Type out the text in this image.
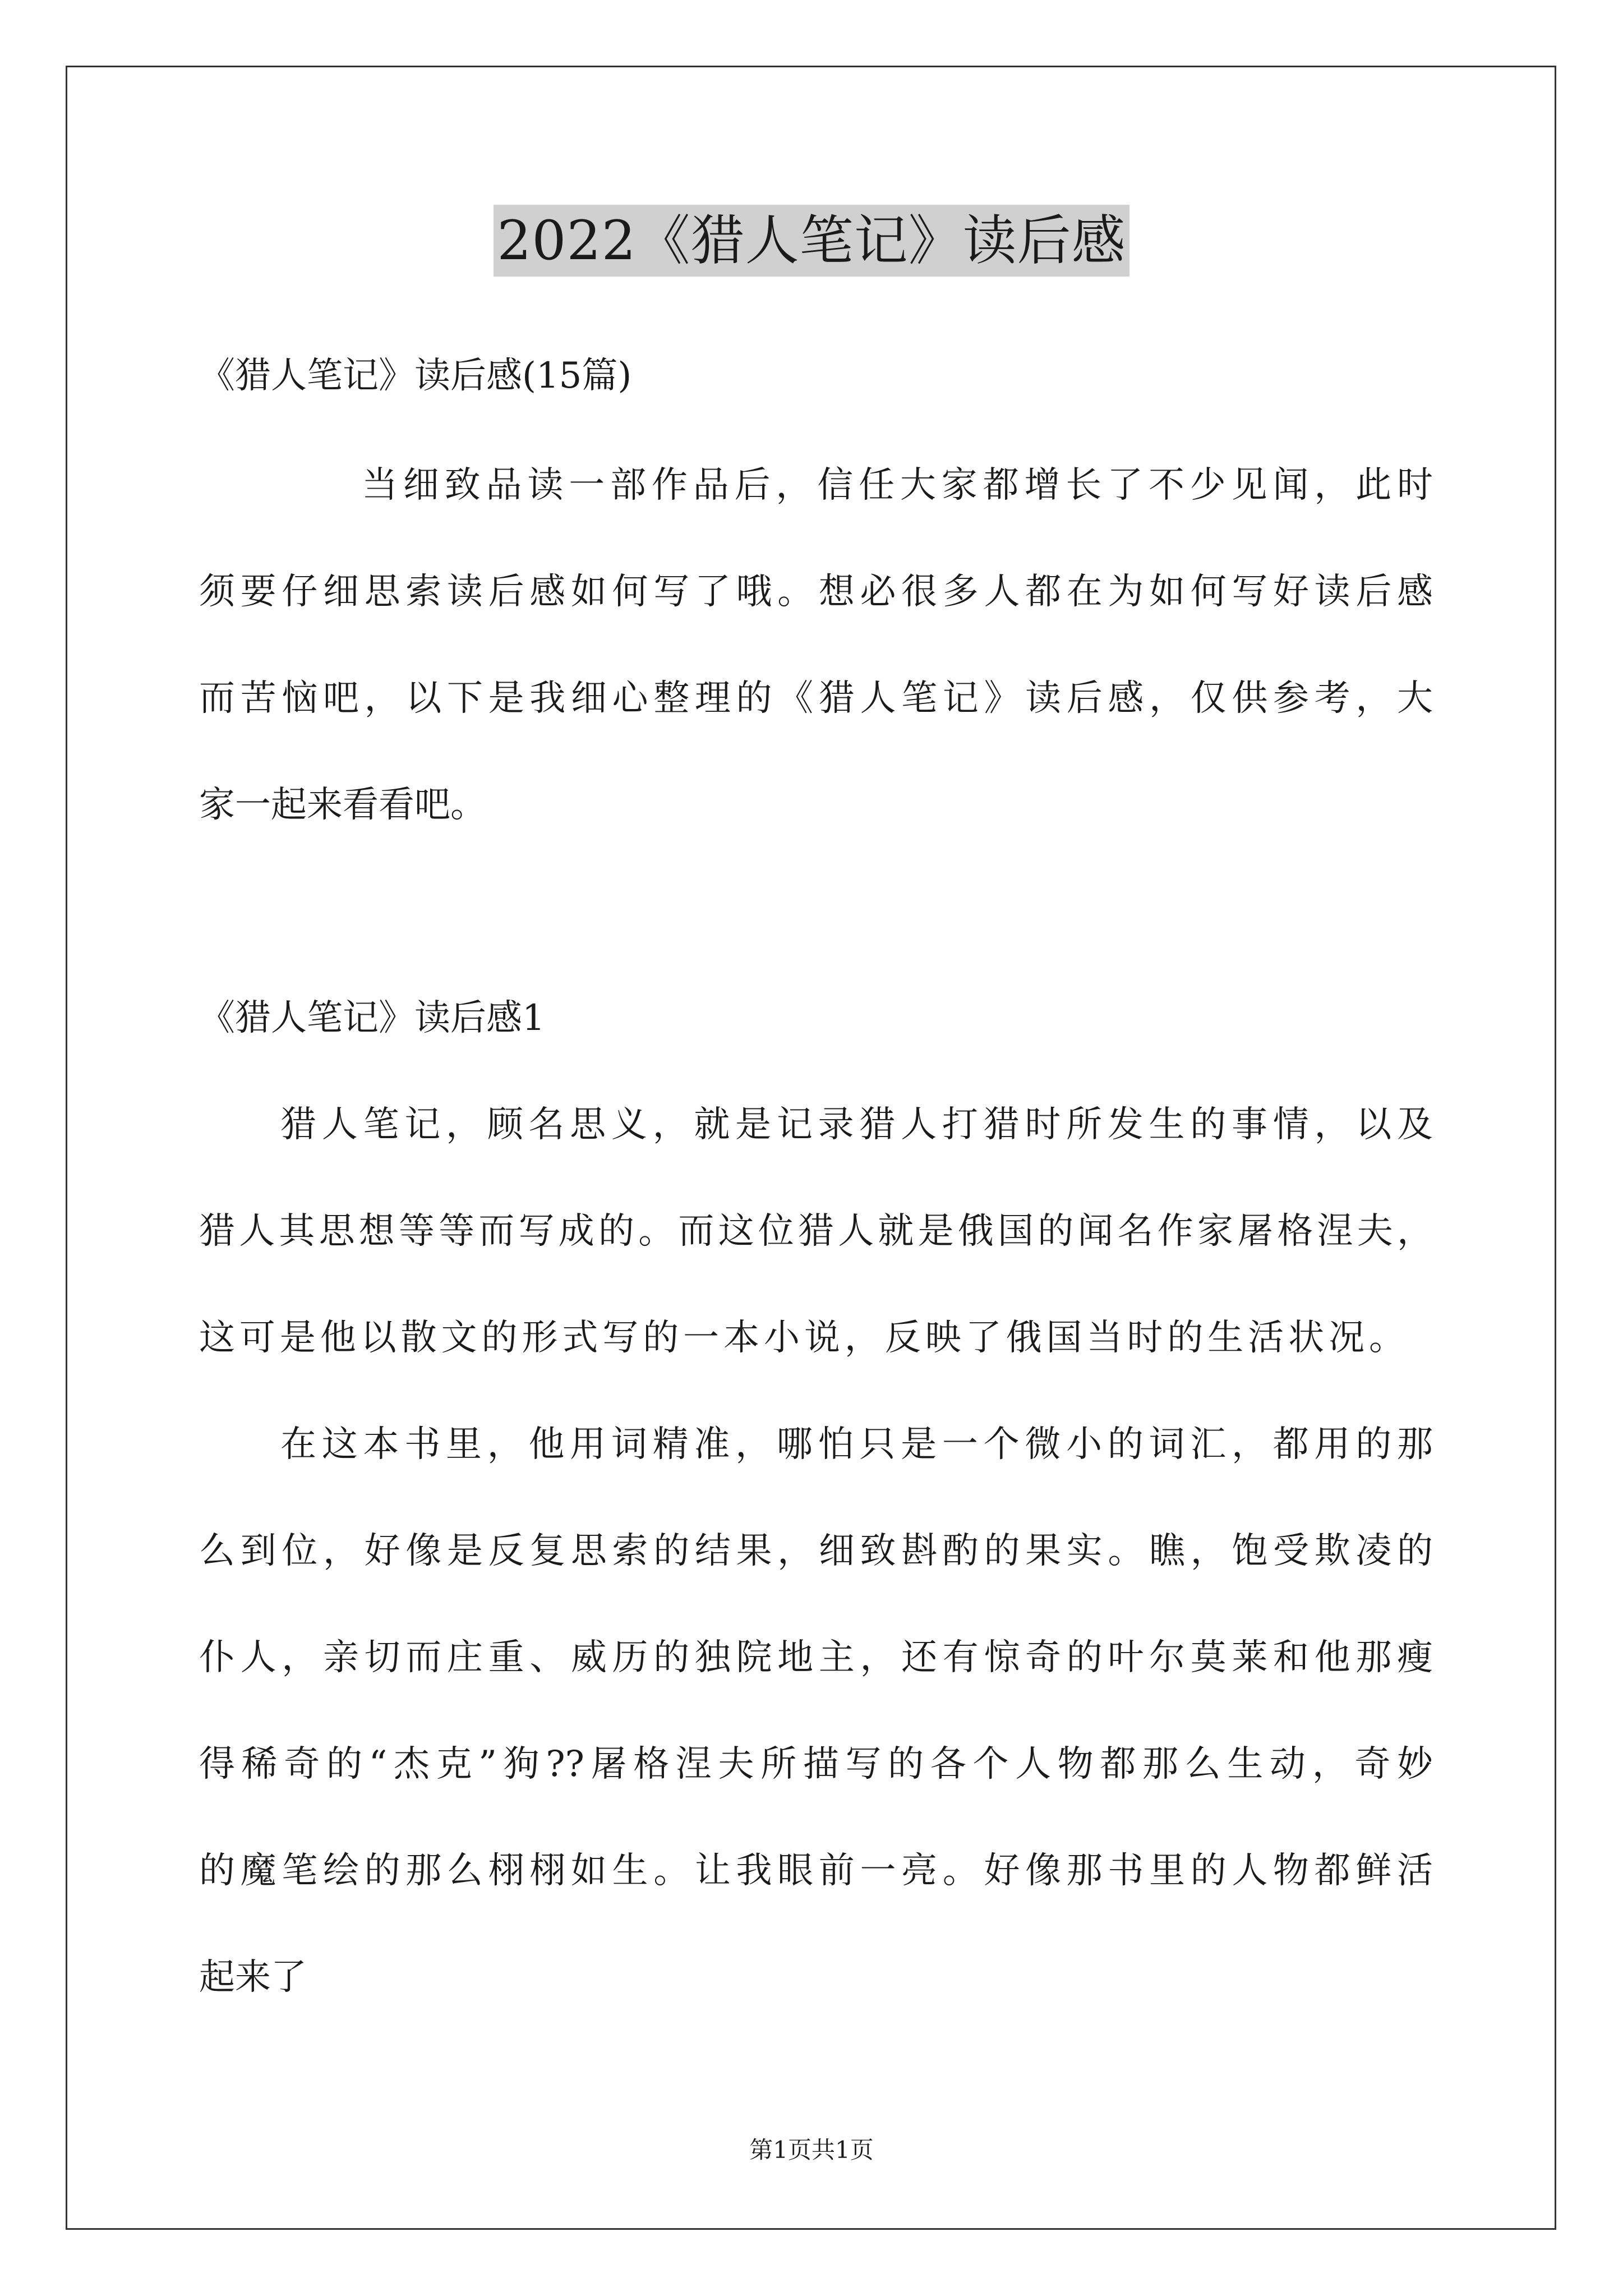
2022《猎人笔记》读后感
《猎人笔记》读后感(15篇)
当细致品读一部作品后，信任大家都增长了不少见闻，此时
须要仔细思索读后感如何写了哦。想必很多人都在为如何写好读后感
而苦恼吧，以下是我细心整理的《猎人笔记》读后感，仅供参考，大
家一起来看看吧。
《猎人笔记》读后感1
猎人笔记，顾名思义，就是记录猎人打猎时所发生的事情，以及
猎人其思想等等而写成的。而这位猎人就是俄国的闻名作家屠格涅夫，
这可是他以散文的形式写的一本小说，反映了俄国当时的生活状况。
在这本书里，他用词精准，哪怕只是一个微小的词汇，都用的那
么到位，好像是反复思索的结果，细致斟酌的果实。瞧，饱受欺凌的
仆人，亲切而庄重、威历的独院地主，还有惊奇的叶尔莫莱和他那瘦
得稀奇的“杰克”狗??屠格涅夫所描写的各个人物都那么生动，奇妙
的魔笔绘的那么栩栩如生。让我眼前一亮。好像那书里的人物都鲜活
起来了
第1页共1页
